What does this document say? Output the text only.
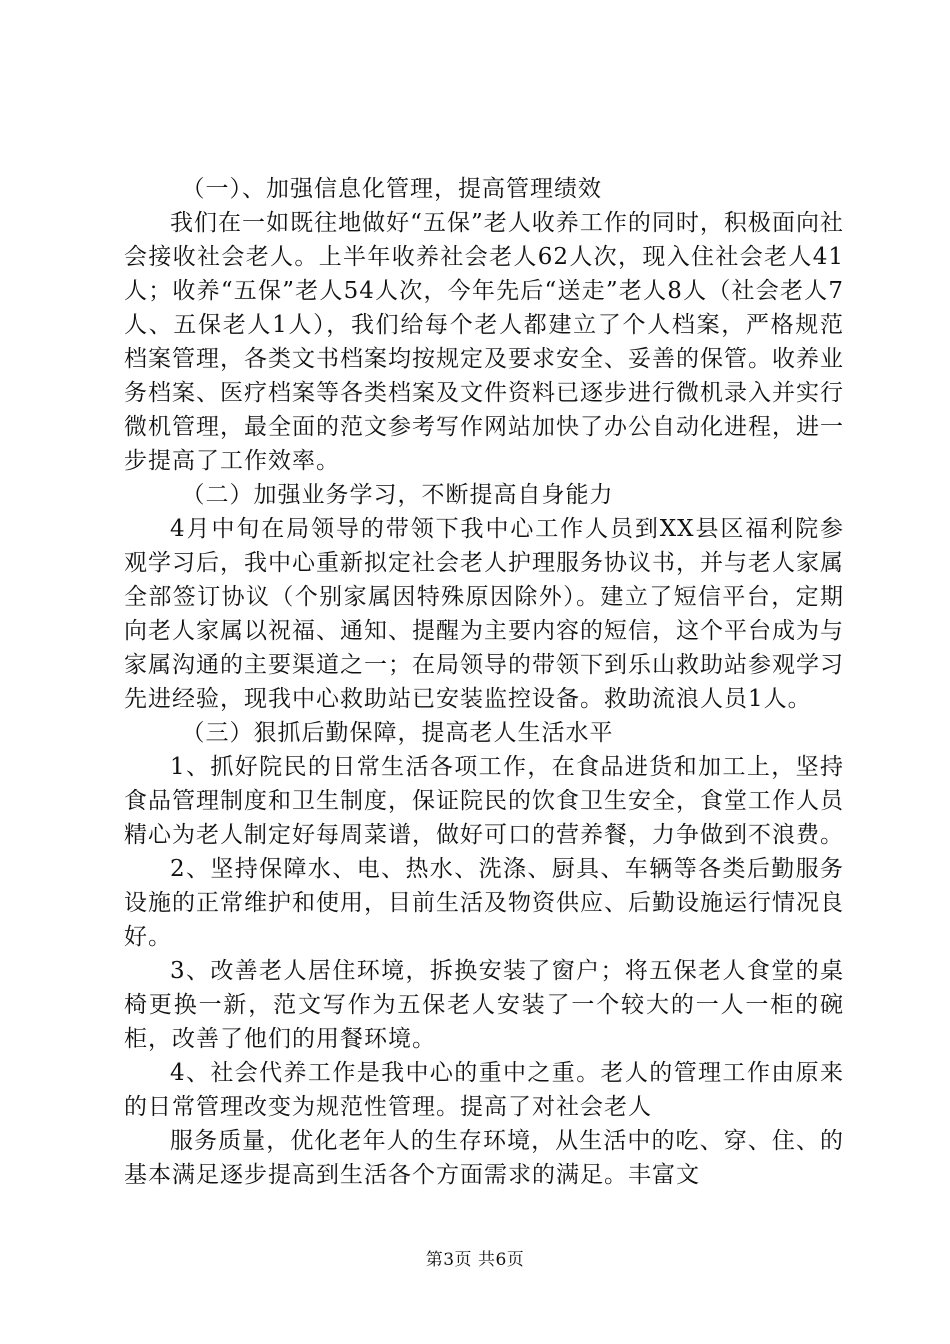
（一）、加强信息化管理，提高管理绩效

我们在一如既往地做好“五保”老人收养工作的同时，积极面向社会接收社会老人。上半年收养社会老人62人次，现入住社会老人41人；收养“五保”老人54人次，今年先后“送走”老人8人（社会老人7人、五保老人1人），我们给每个老人都建立了个人档案，严格规范档案管理，各类文书档案均按规定及要求安全、妥善的保管。收养业务档案、医疗档案等各类档案及文件资料已逐步进行微机录入并实行微机管理，最全面的范文参考写作网站加快了办公自动化进程，进一步提高了工作效率。

（二）加强业务学习，不断提高自身能力

4月中旬在局领导的带领下我中心工作人员到XX县区福利院参观学习后，我中心重新拟定社会老人护理服务协议书，并与老人家属全部签订协议（个别家属因特殊原因除外）。建立了短信平台，定期向老人家属以祝福、通知、提醒为主要内容的短信，这个平台成为与家属沟通的主要渠道之一；在局领导的带领下到乐山救助站参观学习先进经验，现我中心救助站已安装监控设备。救助流浪人员1人。

（三）狠抓后勤保障，提高老人生活水平

1、抓好院民的日常生活各项工作，在食品进货和加工上，坚持食品管理制度和卫生制度，保证院民的饮食卫生安全，食堂工作人员精心为老人制定好每周菜谱，做好可口的营养餐，力争做到不浪费。

2、坚持保障水、电、热水、洗涤、厨具、车辆等各类后勤服务设施的正常维护和使用，目前生活及物资供应、后勤设施运行情况良好。

3、改善老人居住环境，拆换安装了窗户；将五保老人食堂的桌椅更换一新，范文写作为五保老人安装了一个较大的一人一柜的碗柜，改善了他们的用餐环境。

4、社会代养工作是我中心的重中之重。老人的管理工作由原来的日常管理改变为规范性管理。提高了对社会老人

服务质量，优化老年人的生存环境，从生活中的吃、穿、住、的基本满足逐步提高到生活各个方面需求的满足。丰富文

第3页 共6页
